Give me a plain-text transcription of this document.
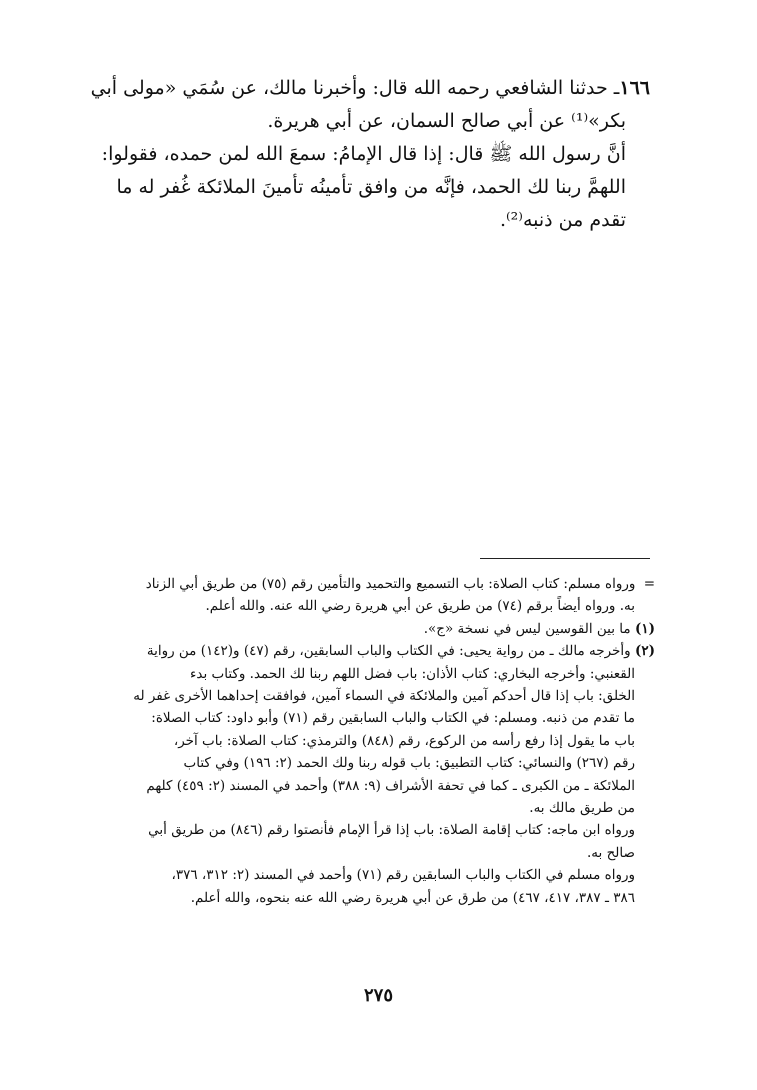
١٦٦ـ حدثنا الشافعي رحمه الله قال: وأخبرنا مالك، عن سُمَي «مولى أبي

بكر»⁽¹⁾ عن أبي صالح السمان، عن أبي هريرة.

أنَّ رسول الله ﷺ قال: إذا قال الإمامُ: سمعَ الله لمن حمده، فقولوا:

اللهمَّ ربنا لك الحمد، فإنَّه من وافق تأمينُه تأمينَ الملائكة غُفر له ما

تقدم من ذنبه⁽²⁾.

= ورواه مسلم: كتاب الصلاة: باب التسميع والتحميد والتأمين رقم (٧٥) من طريق أبي الزناد

به. ورواه أيضاً برقم (٧٤) من طريق عن أبي هريرة رضي الله عنه. والله أعلم.

(١) ما بين القوسين ليس في نسخة «ج».

(٢) وأخرجه مالك ـ من رواية يحيى: في الكتاب والباب السابقين، رقم (٤٧) و(١٤٢) من رواية

القعنبي: وأخرجه البخاري: كتاب الأذان: باب فضل اللهم ربنا لك الحمد. وكتاب بدء

الخلق: باب إذا قال أحدكم آمين والملائكة في السماء آمين، فوافقت إحداهما الأخرى غفر له

ما تقدم من ذنبه. ومسلم: في الكتاب والباب السابقين رقم (٧١) وأبو داود: كتاب الصلاة:

باب ما يقول إذا رفع رأسه من الركوع، رقم (٨٤٨) والترمذي: كتاب الصلاة: باب آخر،

رقم (٢٦٧) والنسائي: كتاب التطبيق: باب قوله ربنا ولك الحمد (٢: ١٩٦) وفي كتاب

الملائكة ـ من الكبرى ـ كما في تحفة الأشراف (٩: ٣٨٨) وأحمد في المسند (٢: ٤٥٩) كلهم

من طريق مالك به.

ورواه ابن ماجه: كتاب إقامة الصلاة: باب إذا قرأ الإمام فأنصتوا رقم (٨٤٦) من طريق أبي

صالح به.

ورواه مسلم في الكتاب والباب السابقين رقم (٧١) وأحمد في المسند (٢: ٣١٢، ٣٧٦،

٣٨٦ ـ ٣٨٧، ٤١٧، ٤٦٧) من طرق عن أبي هريرة رضي الله عنه بنحوه، والله أعلم.

٢٧٥
